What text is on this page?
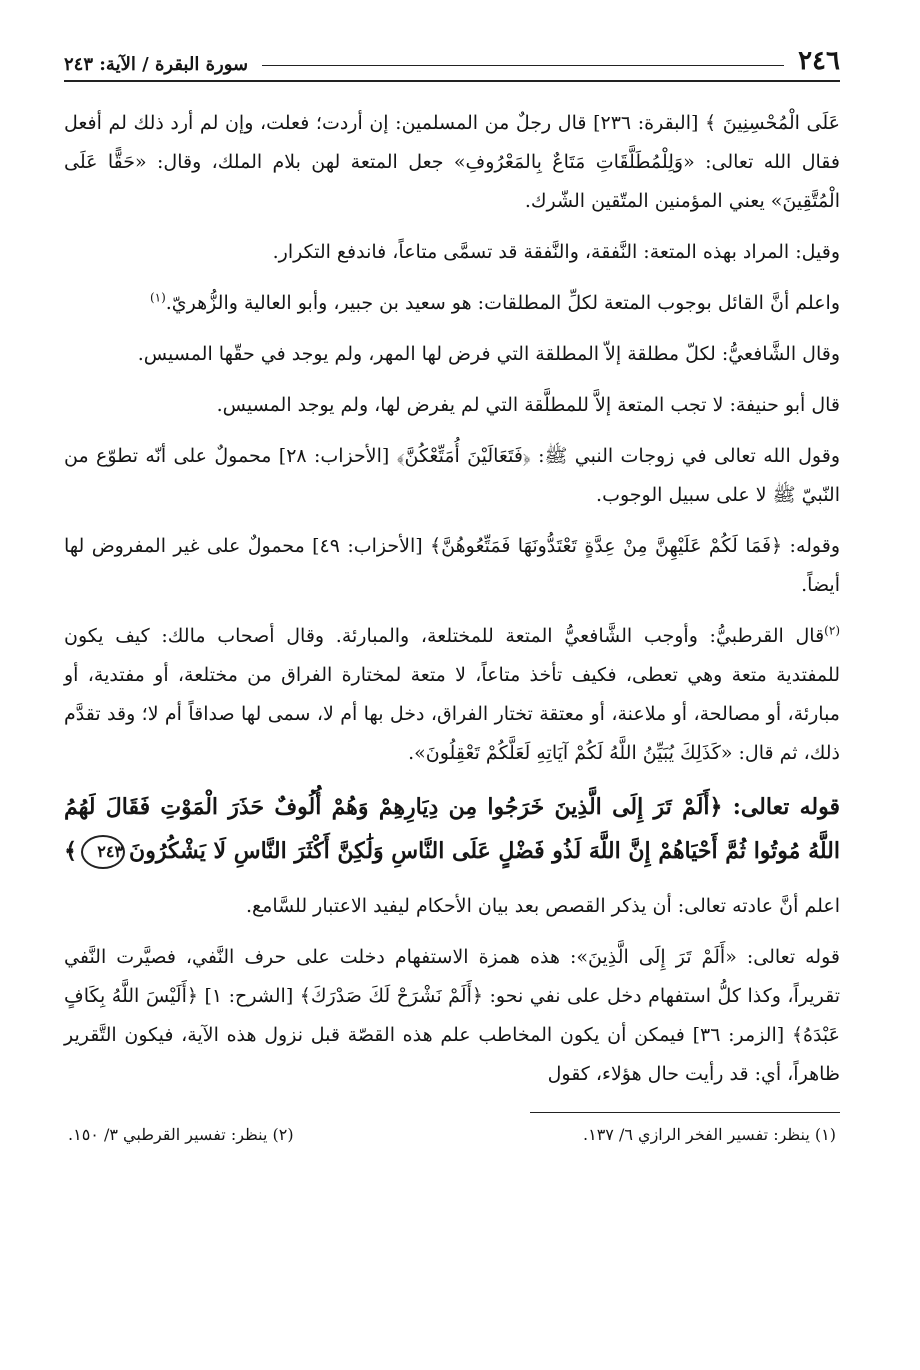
٢٤٦
سورة البقرة / الآية: ٢٤٣

عَلَى الْمُحْسِنِينَ ﴾ [البقرة: ٢٣٦] قال رجلٌ من المسلمين: إن أردت؛ فعلت، وإن لم أرد ذلك لم أفعل فقال الله تعالى: «وَلِلْمُطَلَّقَاتِ مَتَاعٌ بِالمَعْرُوفِ» جعل المتعة لهن بلام الملك، وقال: «حَقًّا عَلَى الْمُتَّقِينَ» يعني المؤمنين المتّقين الشّرك.

وقيل: المراد بهذه المتعة: النَّفقة، والنَّفقة قد تسمَّى متاعاً، فاندفع التكرار.

واعلم أنَّ القائل بوجوب المتعة لكلِّ المطلقات: هو سعيد بن جبير، وأبو العالية والزُّهريّ.$^{(١)}$

وقال الشَّافعيُّ: لكلّ مطلقة إلاّ المطلقة التي فرض لها المهر، ولم يوجد في حقّها المسيس.

قال أبو حنيفة: لا تجب المتعة إلاَّ للمطلَّقة التي لم يفرض لها، ولم يوجد المسيس.

وقول الله تعالى في زوجات النبي ﷺ: ﴿فَتَعَالَيْنَ أُمَتِّعْكُنَّ﴾ [الأحزاب: ٢٨] محمولٌ على أنّه تطوّع من النّبيّ ﷺ لا على سبيل الوجوب.

وقوله: ﴿فَمَا لَكُمْ عَلَيْهِنَّ مِنْ عِدَّةٍ تَعْتَدُّونَهَا فَمَتِّعُوهُنَّ﴾ [الأحزاب: ٤٩] محمولٌ على غير المفروض لها أيضاً.

$^{(٢)}$قال القرطبيُّ: وأوجب الشَّافعيُّ المتعة للمختلعة، والمبارئة. وقال أصحاب مالك: كيف يكون للمفتدية متعة وهي تعطى، فكيف تأخذ متاعاً، لا متعة لمختارة الفراق من مختلعة، أو مفتدية، أو مبارئة، أو مصالحة، أو ملاعنة، أو معتقة تختار الفراق، دخل بها أم لا، سمى لها صداقاً أم لا؛ وقد تقدَّم ذلك، ثم قال: «كَذَلِكَ يُبَيِّنُ اللَّهُ لَكُمْ آيَاتِهِ لَعَلَّكُمْ تَعْقِلُونَ».

قوله تعالى: ﴿أَلَمْ تَرَ إِلَى الَّذِينَ خَرَجُوا مِن دِيَارِهِمْ وَهُمْ أُلُوفٌ حَذَرَ الْمَوْتِ فَقَالَ لَهُمُ اللَّهُ مُوتُوا ثُمَّ أَحْيَاهُمْ إِنَّ اللَّهَ لَذُو فَضْلٍ عَلَى النَّاسِ وَلَٰكِنَّ أَكْثَرَ النَّاسِ لَا يَشْكُرُونَ٢٤٣﴾

اعلم أنَّ عادته تعالى: أن يذكر القصص بعد بيان الأحكام ليفيد الاعتبار للسَّامع.

قوله تعالى: «أَلَمْ تَرَ إِلَى الَّذِينَ»: هذه همزة الاستفهام دخلت على حرف النَّفي، فصيَّرت النَّفي تقريراً، وكذا كلُّ استفهام دخل على نفي نحو: ﴿أَلَمْ نَشْرَحْ لَكَ صَدْرَكَ﴾ [الشرح: ١] ﴿أَلَيْسَ اللَّهُ بِكَافٍ عَبْدَهُ﴾ [الزمر: ٣٦] فيمكن أن يكون المخاطب علم هذه القصّة قبل نزول هذه الآية، فيكون التَّقرير ظاهراً، أي: قد رأيت حال هؤلاء، كقول

(١) ينظر: تفسير الفخر الرازي ٦/ ١٣٧.
(٢) ينظر: تفسير القرطبي ٣/ ١٥٠.
